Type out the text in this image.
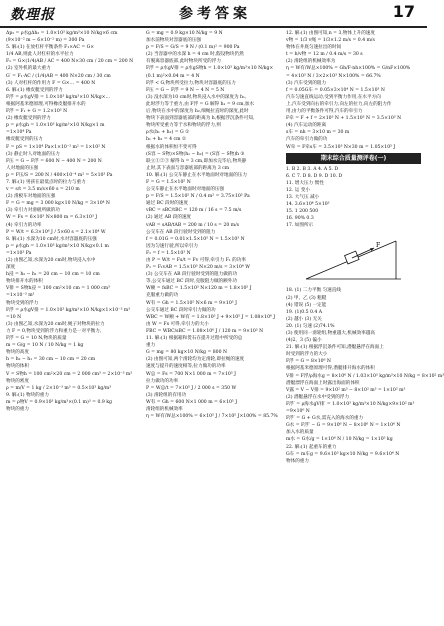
数理报	参考答案	17
Δp₂ = ρ水gΔh₂ = 1.0×10³ kg/m³×10 N/kg×6 cm
(9×10⁻² m − 6×10⁻² m) = 300 Pa
5. 解:(1) 在放杠杆平衡条件 F₁×AC = G×
1/4 AB,则此人对杠杆的水平拉力
F₁ = G×(1/4)AB / AC = 400 N×30 cm / 20 cm = 200 N
(2) 室外机的最大重力
G′ = F₁·AC / (1/4)AB = 400 N×20 cm / 30 cm
(3) 人对杠杆的作用力 F = G×… = 400 N
6. 解:(1) 橡皮艇受到的浮力
F浮 = ρ水gV排 = 1.0×10³ kg/m³×10 N/kg×…
根据阿基米德原理,可得橡皮艇排开水的
F浮 = F₁ + G = 1.2×10³ N
(2) 橡皮艇受到的浮力
p = ρ水gh = 1.0×10³ kg/m³×10 N/kg×1 m
=1×10⁴ Pa
橡皮艇受到的压力
F = pS = 1×10⁴ Pa×1×10⁻² m² = 1×10² N
(3) 静止时人对地面的压力
F压 = G − F浮 = 600 N − 400 N = 200 N
人对地面的压强
p = F压/S = 200 N / 400×10⁻⁴ m² = 5×10³ Pa
7. 解:(1) 男孩在最低点时的拉力与重力
v = s/t = 3.5 m/s×60 s = 210 m
(2) 滑板车对地面的压强
F = G = mg = 3 000 kg×10 N/kg = 3×10⁴ N
(3) 牵引力对滑板所做的功
W = Fs = 6×10³ N×800 m = 6.3×10³ J
(4) 牵引力的功率
P = W/t = 6.3×10⁶ J / 5×60 s = 2.1×10⁴ W
8. 解:(1) 水深为10 cm时,水对容器底的压强
p = ρ水gh = 1.0×10³ kg/m³×10 N/kg×0.1 m
=1×10³ Pa
(2) 由图乙知,水深为20 cm时,物块浸入水中
深度
h浸 = h₂ − h₁ = 20 cm − 10 cm = 10 cm
物块排开水的体积
V排 = S物h浸 = 100 cm²×10 cm = 1 000 cm³
=1×10⁻³ m³
物块受到的浮力
F浮 = ρ水gV排 = 1.0×10³ kg/m³×10 N/kg×1×10⁻³ m³
=10 N
(3) 由图乙知,水深为20 cm时,绳子对物块的拉力
力 F = 0,物块受到的浮力和重力是一对平衡力,
F浮 = G = 10 N,物块的质量
m = G/g = 10 N / 10 N/kg = 1 kg
物块的高度
h = h₂ − h₁ = 30 cm − 10 cm = 20 cm
物块的体积
V = S物h = 100 cm²×20 cm = 2 000 cm³ = 2×10⁻³ m³
物块的密度
ρ = m/V = 1 kg / 2×10⁻³ m³ = 0.5×10³ kg/m³
9. 解:(1) 物块的重力
m = ρ物V = 0.9×10³ kg/m³×(0.1 m)³ = 0.9 kg
物块的重力
G = mg = 0.9 kg×10 N/kg = 9 N
加水前物块对容器底的压强
p = F/S = G/S = 9 N / (0.1 m)² = 900 Pa
(2) 当容器中的水深 h = 4 cm 时,假设物块仍然
有脱离容器底部,此时物块所受的浮力
F浮 = ρ水gV排 = ρ水gS物h = 1.0×10³ kg/m³×10 N/kg×
(0.1 m)²×0.04 m = 4 N
F浮 < G,物块所受拉力,物块对容器底的压力
F压 = G − F浮 = 9 N − 4 N = 5 N
(3) 没水深为10 cm时,物块浸入水中的深度为 h₁,
此时浮力等于重力,由 F浮 = G 解得 h₁ = 9 cm,加水
后,物块在水中的深度为 h₂,细绳拉直时的深度,此时
物块下表面到容器底部的距离为 h,根据浮沉条件可知,
物块所受重力等于水和物块的浮力,则
ρ水(h₁ + h₂) = G ①
h₁ + h₂ = 4 cm ②
根据水的体积恒不变可得
(S容 − S物)×S物(h₁ − h₂) = (S容 − S物)h ③
联立①②③ 解得 h = 3 cm,即加水完毕后,物块静
止时,其下表面与容器底部的距离为 3 cm
10. 解:(1) 公交车静止在水平地面时对地面的压力
F = G = 1.5×10⁵ N
公交车静止在水平地面时对地面的压强
p = F/S = 1.5×10⁵ N / 0.4 m² = 3.75×10⁵ Pa
通过 BC 段时的速度
vBC = sBC/tBC = 120 m / 16 s = 7.5 m/s
(2) 通过 AB 段的速度
vAB = sAB/tAB = 200 m / 10 s = 20 m/s
公交车在 AB 段行驶时受到的阻力
f = 0.01G = 0.01×1.5×10⁵ N = 1.5×10³ N
因为匀速行驶,所以牵引力
F₁ = f = 1.5×10³ N
由 P = W/t = Fs/t = Fv 可得,牵引力 F₁ 的功率
P₁ = F₁vAB = 1.5×10³ N×20 m/s = 3×10⁴ W
(3) 公交车在 AB 段行驶时受到的阻力做的功
等,公交车通过 BC 段时,克服阻力做的额外功
W额 = fsBC = 1.5×10³ N×120 m = 1.8×10⁵ J
克服重力做的功
W有 = Gh = 1.5×10⁵ N×6 m = 9×10⁵ J
公交车通过 BC 段时牵引力做的功
WBC = W额 + W有 = 1.8×10⁵ J + 9×10⁵ J = 1.08×10⁶ J
由 W = Fs 可得,牵引力的大小
FBC = WBC/sBC = 1.08×10⁶ J / 120 m = 9×10³ N
11. 解:(1) 根据箱和货石在提升过程中所受的总
重力
G = mg = 80 kg×10 N/kg = 800 N
(2) 由图可知,两个滑轮均为定滑轮,即拉绳的速度
速度与提升的速度相等,拉力做功的功率
W总 = Fs = 700 N×1 000 m = 7×10⁵ J
拉力做功的功率
P = W总/t = 7×10⁵ J / 2 000 s = 350 W
(3) 滑轮组的有用功
W有 = Gh = 600 N×1 000 m = 6×10⁵ J
滑轮组的机械效率
η = W有/W总×100% = 6×10⁵ J / 7×10⁵ J×100% = 85.7%
12. 解:(1) 由图可知,n = 3,物体上升的速度
v物 = 1/3 v绳 = 1/3×1.2 m/s = 0.4 m/s
物体在井底匀速拉出的时间
t = h/v物 = 12 m / 0.4 m/s = 30 s
(2) 滑轮组的机械效率为
η = W有/W总×100% = Gh/F·nh×100% = G/nF×100%
= 4×10³ N / 3×2×10³ N×100% = 66.7%
(3) 汽车受到的阻力
f = 0.05G车 = 0.05×3×10⁴ N = 1.5×10³ N
汽车匀速直线运动,受到平衡力作用,在水平方向
上,汽车受到向右的牵引力,向左的拉力,向左的阻力作
用,由力的平衡条件可得,汽车的牵引力
F牵 = F + f = 2×10³ N + 1.5×10³ N = 3.5×10³ N
(4) 汽车运动的距离
s车 = nh = 3×10 m = 30 m
汽车的牵引力做的功
W牵 = F牵s车 = 3.5×10³ N×30 m = 1.05×10⁵ J
期末综合质量测评卷(一)
1. B 2. B 3. A 4. A 5. D
6. C 7. D 8. D 9. D 10. D
11. 增大压力 惯性
12. 运 变小
13. 大气压 减小
14. 3.6×10⁴ 5×10³
15. 1 200 500
16. 90% 0.3
17. 如图所示
F
18. (1) 二力平衡 匀速直线
(2) 甲、乙 (3) 粗糙
(4) 错误 (5) 一定能
19. (1)0.5 0.4 A
(2) 越小 (3) 无关
20. (1) 匀速 (2)74.1%
(3) 使用同一滑轮组,物重越大,机械效率越高
(4)2、3 (5) 偏小
21. 解:(1) 根据浮沉条件可知,潜艇悬浮在海面上
时受到的浮力的大小
F浮 = G = 8×10⁶ N
根据阿基米德原理可得,潜艇排开海水的体积
V排 = F浮/ρ海水g = 8×10⁶ N / 1.03×10³ kg/m³×10 N/kg = 8×10² m³
潜艇漂浮在海面上时露出海面的体积
V露 = V − V排 = 9×10² m³ − 8×10² m³ = 1×10² m³
(2) 潜艇悬浮在水中受到的浮力
F浮′ = ρ海水gV排′ = 1.0×10³ kg/m³×10 N/kg×9×10² m³
=9×10⁶ N
F浮′ = G + G水,需充入的海水的重力
G水 = F浮′ − G = 9×10⁶ N − 8×10⁶ N = 1×10⁶ N
加入水的质量
m水 = G水/g = 1×10⁶ N / 10 N/kg = 1×10⁵ kg
22. 解:(1) 起重车的重力
G车 = m车g = 9.6×10³ kg×10 N/kg = 9.6×10⁴ N
物体的重力
